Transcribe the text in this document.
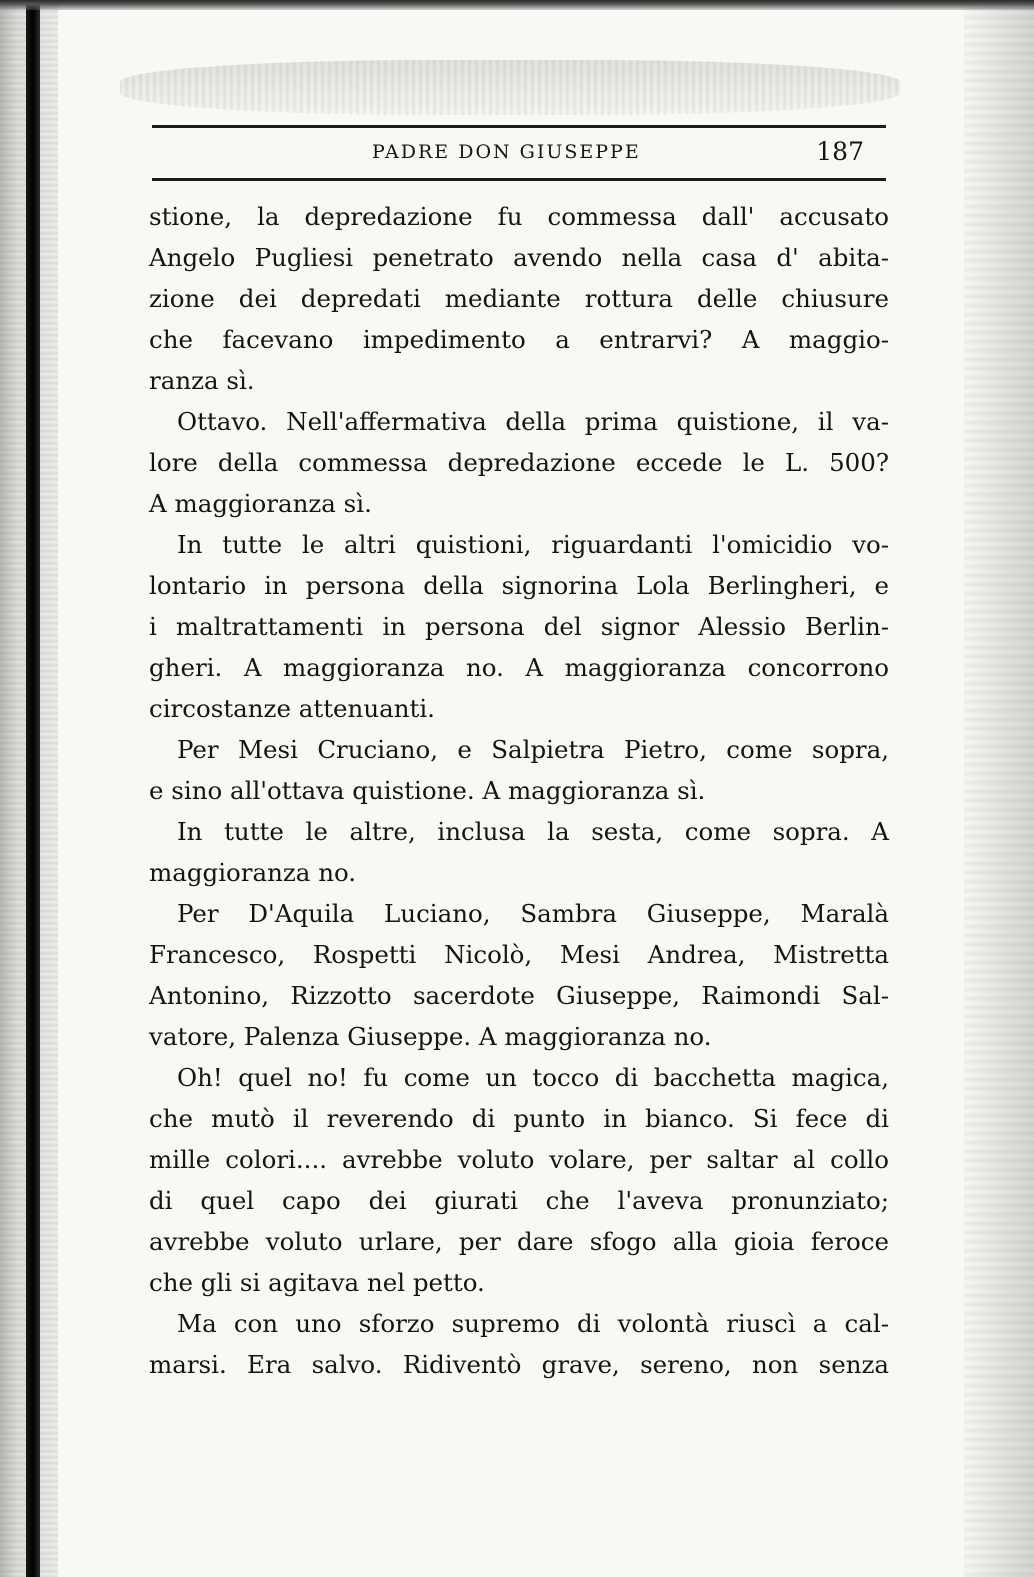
PADRE DON GIUSEPPE	187
stione, la depredazione fu commessa dall' accusato
Angelo Pugliesi penetrato avendo nella casa d' abita-
zione dei depredati mediante rottura delle chiusure
che facevano impedimento a entrarvi? A maggio-
ranza sì.
Ottavo. Nell'affermativa della prima quistione, il va-
lore della commessa depredazione eccede le L. 500?
A maggioranza sì.
In tutte le altri quistioni, riguardanti l'omicidio vo-
lontario in persona della signorina Lola Berlingheri, e
i maltrattamenti in persona del signor Alessio Berlin-
gheri. A maggioranza no. A maggioranza concorrono
circostanze attenuanti.
Per Mesi Cruciano, e Salpietra Pietro, come sopra,
e sino all'ottava quistione. A maggioranza sì.
In tutte le altre, inclusa la sesta, come sopra. A
maggioranza no.
Per D'Aquila Luciano, Sambra Giuseppe, Maralà
Francesco, Rospetti Nicolò, Mesi Andrea, Mistretta
Antonino, Rizzotto sacerdote Giuseppe, Raimondi Sal-
vatore, Palenza Giuseppe. A maggioranza no.
Oh! quel no! fu come un tocco di bacchetta magica,
che mutò il reverendo di punto in bianco. Si fece di
mille colori.... avrebbe voluto volare, per saltar al collo
di quel capo dei giurati che l'aveva pronunziato;
avrebbe voluto urlare, per dare sfogo alla gioia feroce
che gli si agitava nel petto.
Ma con uno sforzo supremo di volontà riuscì a cal-
marsi. Era salvo. Ridiventò grave, sereno, non senza
